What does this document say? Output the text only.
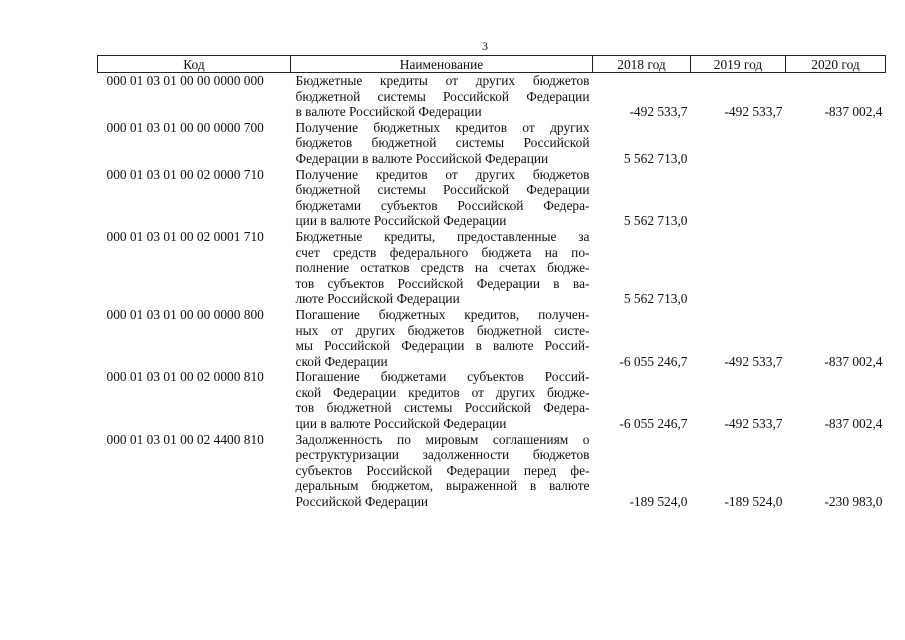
3
Код	Наименование	2018 год	2019 год	2020 год
000 01 03 01 00 00 0000 000	Бюджетные кредиты от других бюджетов
бюджетной системы Российской Федерации
в валюте Российской Федерации	-492 533,7	-492 533,7	-837 002,4
000 01 03 01 00 00 0000 700	Получение бюджетных кредитов от других
бюджетов бюджетной системы Российской
Федерации в валюте Российской Федерации	5 562 713,0		
000 01 03 01 00 02 0000 710	Получение кредитов от других бюджетов
бюджетной системы Российской Федерации
бюджетами субъектов Российской Федера-
ции в валюте Российской Федерации	5 562 713,0		
000 01 03 01 00 02 0001 710	Бюджетные кредиты, предоставленные за
счет средств федерального бюджета на по-
полнение остатков средств на счетах бюдже-
тов субъектов Российской Федерации в ва-
люте Российской Федерации	5 562 713,0		
000 01 03 01 00 00 0000 800	Погашение бюджетных кредитов, получен-
ных от других бюджетов бюджетной систе-
мы Российской Федерации в валюте Россий-
ской Федерации	-6 055 246,7	-492 533,7	-837 002,4
000 01 03 01 00 02 0000 810	Погашение бюджетами субъектов Россий-
ской Федерации кредитов от других бюдже-
тов бюджетной системы Российской Федера-
ции в валюте Российской Федерации	-6 055 246,7	-492 533,7	-837 002,4
000 01 03 01 00 02 4400 810	Задолженность по мировым соглашениям о
реструктуризации задолженности бюджетов
субъектов Российской Федерации перед фе-
деральным бюджетом, выраженной в валюте
Российской Федерации	-189 524,0	-189 524,0	-230 983,0
